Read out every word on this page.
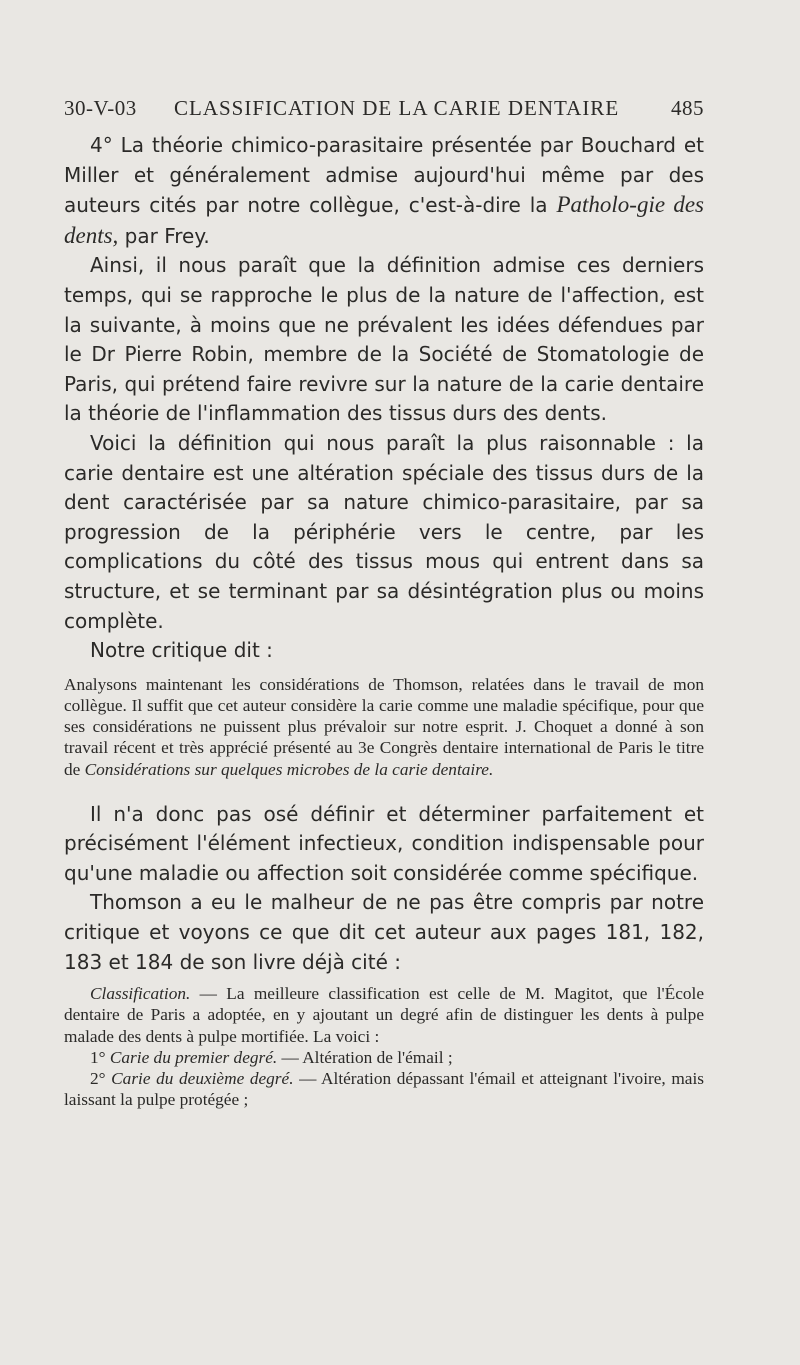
30-V-03 CLASSIFICATION DE LA CARIE DENTAIRE 485

4° La théorie chimico-parasitaire présentée par Bouchard et Miller et généralement admise aujourd'hui même par des auteurs cités par notre collègue, c'est-à-dire la Patholo-gie des dents, par Frey.

Ainsi, il nous paraît que la définition admise ces derniers temps, qui se rapproche le plus de la nature de l'affection, est la suivante, à moins que ne prévalent les idées défendues par le Dr Pierre Robin, membre de la Société de Stomatologie de Paris, qui prétend faire revivre sur la nature de la carie dentaire la théorie de l'inflammation des tissus durs des dents.

Voici la définition qui nous paraît la plus raisonnable : la carie dentaire est une altération spéciale des tissus durs de la dent caractérisée par sa nature chimico-parasitaire, par sa progression de la périphérie vers le centre, par les complications du côté des tissus mous qui entrent dans sa structure, et se terminant par sa désintégration plus ou moins complète.

Notre critique dit :

Analysons maintenant les considérations de Thomson, relatées dans le travail de mon collègue. Il suffit que cet auteur considère la carie comme une maladie spécifique, pour que ses considérations ne puissent plus prévaloir sur notre esprit. J. Choquet a donné à son travail récent et très apprécié présenté au 3e Congrès dentaire international de Paris le titre de Considérations sur quelques microbes de la carie dentaire.

Il n'a donc pas osé définir et déterminer parfaitement et précisément l'élément infectieux, condition indispensable pour qu'une maladie ou affection soit considérée comme spécifique.

Thomson a eu le malheur de ne pas être compris par notre critique et voyons ce que dit cet auteur aux pages 181, 182, 183 et 184 de son livre déjà cité :

Classification. — La meilleure classification est celle de M. Magitot, que l'École dentaire de Paris a adoptée, en y ajoutant un degré afin de distinguer les dents à pulpe malade des dents à pulpe mortifiée. La voici :

1° Carie du premier degré. — Altération de l'émail ;

2° Carie du deuxième degré. — Altération dépassant l'émail et atteignant l'ivoire, mais laissant la pulpe protégée ;
